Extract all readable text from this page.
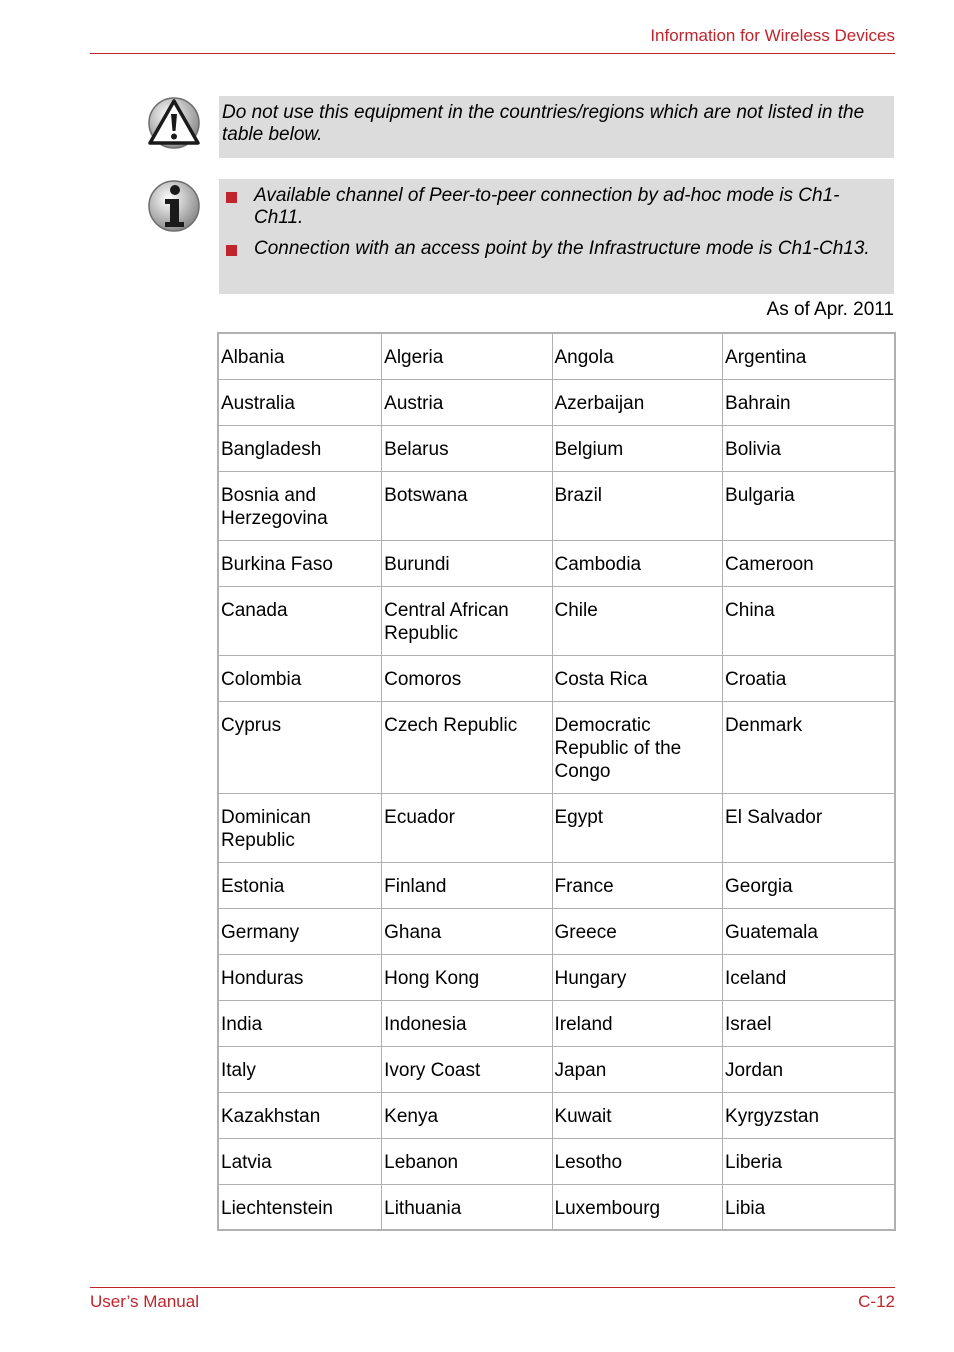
Information for Wireless Devices
Do not use this equipment in the countries/regions which are not listed in the table below.
Available channel of Peer-to-peer connection by ad-hoc mode is Ch1-Ch11.
Connection with an access point by the Infrastructure mode is Ch1-Ch13.
As of Apr. 2011
Albania	Algeria	Angola	Argentina
Australia	Austria	Azerbaijan	Bahrain
Bangladesh	Belarus	Belgium	Bolivia
Bosnia and Herzegovina	Botswana	Brazil	Bulgaria
Burkina Faso	Burundi	Cambodia	Cameroon
Canada	Central African Republic	Chile	China
Colombia	Comoros	Costa Rica	Croatia
Cyprus	Czech Republic	Democratic Republic of the Congo	Denmark
Dominican Republic	Ecuador	Egypt	El Salvador
Estonia	Finland	France	Georgia
Germany	Ghana	Greece	Guatemala
Honduras	Hong Kong	Hungary	Iceland
India	Indonesia	Ireland	Israel
Italy	Ivory Coast	Japan	Jordan
Kazakhstan	Kenya	Kuwait	Kyrgyzstan
Latvia	Lebanon	Lesotho	Liberia
Liechtenstein	Lithuania	Luxembourg	Libia
User’s Manual	C-12
